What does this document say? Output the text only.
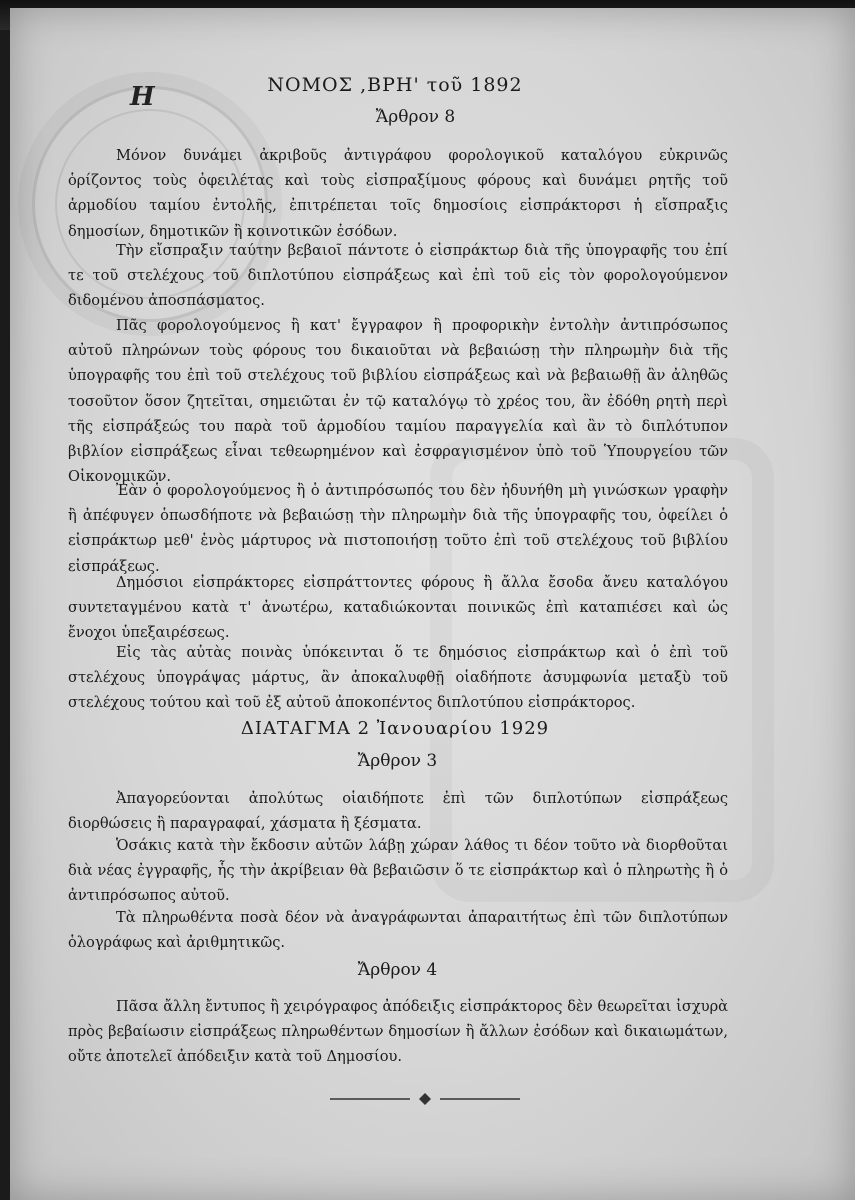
Η	ΝΟΜΟΣ ,ΒΡΗ' τοῦ 1892
Ἄρθρον 8

Μόνον δυνάμει ἀκριβοῦς ἀντιγράφου φορολογικοῦ καταλόγου εὐκρινῶς ὁρίζοντος τοὺς ὀφειλέτας καὶ τοὺς εἰσπραξίμους φόρους καὶ δυνάμει ρητῆς τοῦ ἁρμοδίου ταμίου ἐντολῆς, ἐπιτρέπεται τοῖς δημοσίοις εἰσπράκτορσι ἡ εἴσπραξις δημοσίων, δημοτικῶν ἢ κοινοτικῶν ἐσόδων.

Τὴν εἴσπραξιν ταύτην βεβαιοῖ πάντοτε ὁ εἰσπράκτωρ διὰ τῆς ὑπογραφῆς του ἐπί τε τοῦ στελέχους τοῦ διπλοτύπου εἰσπράξεως καὶ ἐπὶ τοῦ εἰς τὸν φορολογούμενον διδομένου ἀποσπάσματος.

Πᾶς φορολογούμενος ἢ κατ' ἔγγραφον ἢ προφορικὴν ἐντολὴν ἀντιπρόσωπος αὐτοῦ πληρώνων τοὺς φόρους του δικαιοῦται νὰ βεβαιώσῃ τὴν πληρωμὴν διὰ τῆς ὑπογραφῆς του ἐπὶ τοῦ στελέχους τοῦ βιβλίου εἰσπράξεως καὶ νὰ βεβαιωθῇ ἂν ἀληθῶς τοσοῦτον ὅσον ζητεῖται, σημειῶται ἐν τῷ καταλόγῳ τὸ χρέος του, ἂν ἐδόθη ρητὴ περὶ τῆς εἰσπράξεώς του παρὰ τοῦ ἁρμοδίου ταμίου παραγγελία καὶ ἂν τὸ διπλότυπον βιβλίον εἰσπράξεως εἶναι τεθεωρημένον καὶ ἐσφραγισμένον ὑπὸ τοῦ Ὑπουργείου τῶν Οἰκονομικῶν.

Ἐὰν ὁ φορολογούμενος ἢ ὁ ἀντιπρόσωπός του δὲν ἠδυνήθη μὴ γινώσκων γραφὴν ἢ ἀπέφυγεν ὁπωσδήποτε νὰ βεβαιώσῃ τὴν πληρωμὴν διὰ τῆς ὑπογραφῆς του, ὀφείλει ὁ εἰσπράκτωρ μεθ' ἑνὸς μάρτυρος νὰ πιστοποιήσῃ τοῦτο ἐπὶ τοῦ στελέχους τοῦ βιβλίου εἰσπράξεως.

Δημόσιοι εἰσπράκτορες εἰσπράττοντες φόρους ἢ ἄλλα ἔσοδα ἄνευ καταλόγου συντεταγμένου κατὰ τ' ἀνωτέρω, καταδιώκονται ποινικῶς ἐπὶ καταπιέσει καὶ ὡς ἔνοχοι ὑπεξαιρέσεως.

Εἰς τὰς αὐτὰς ποινὰς ὑπόκεινται ὅ τε δημόσιος εἰσπράκτωρ καὶ ὁ ἐπὶ τοῦ στελέχους ὑπογράψας μάρτυς, ἂν ἀποκαλυφθῇ οἱαδήποτε ἀσυμφωνία μεταξὺ τοῦ στελέχους τούτου καὶ τοῦ ἐξ αὐτοῦ ἀποκοπέντος διπλοτύπου εἰσπράκτορος.

ΔΙΑΤΑΓΜΑ 2 Ἰανουαρίου 1929
Ἄρθρον 3

Ἀπαγορεύονται ἀπολύτως οἱαιδήποτε ἐπὶ τῶν διπλοτύπων εἰσπράξεως διορθώσεις ἢ παραγραφαί, χάσματα ἢ ξέσματα.

Ὁσάκις κατὰ τὴν ἔκδοσιν αὐτῶν λάβῃ χώραν λάθος τι δέον τοῦτο νὰ διορθοῦται διὰ νέας ἐγγραφῆς, ἧς τὴν ἀκρίβειαν θὰ βεβαιῶσιν ὅ τε εἰσπράκτωρ καὶ ὁ πληρωτὴς ἢ ὁ ἀντιπρόσωπος αὐτοῦ.

Τὰ πληρωθέντα ποσὰ δέον νὰ ἀναγράφωνται ἀπαραιτήτως ἐπὶ τῶν διπλοτύπων ὁλογράφως καὶ ἀριθμητικῶς.

Ἄρθρον 4

Πᾶσα ἄλλη ἔντυπος ἢ χειρόγραφος ἀπόδειξις εἰσπράκτορος δὲν θεωρεῖται ἰσχυρὰ πρὸς βεβαίωσιν εἰσπράξεως πληρωθέντων δημοσίων ἢ ἄλλων ἐσόδων καὶ δικαιωμάτων, οὔτε ἀποτελεῖ ἀπόδειξιν κατὰ τοῦ Δημοσίου.
